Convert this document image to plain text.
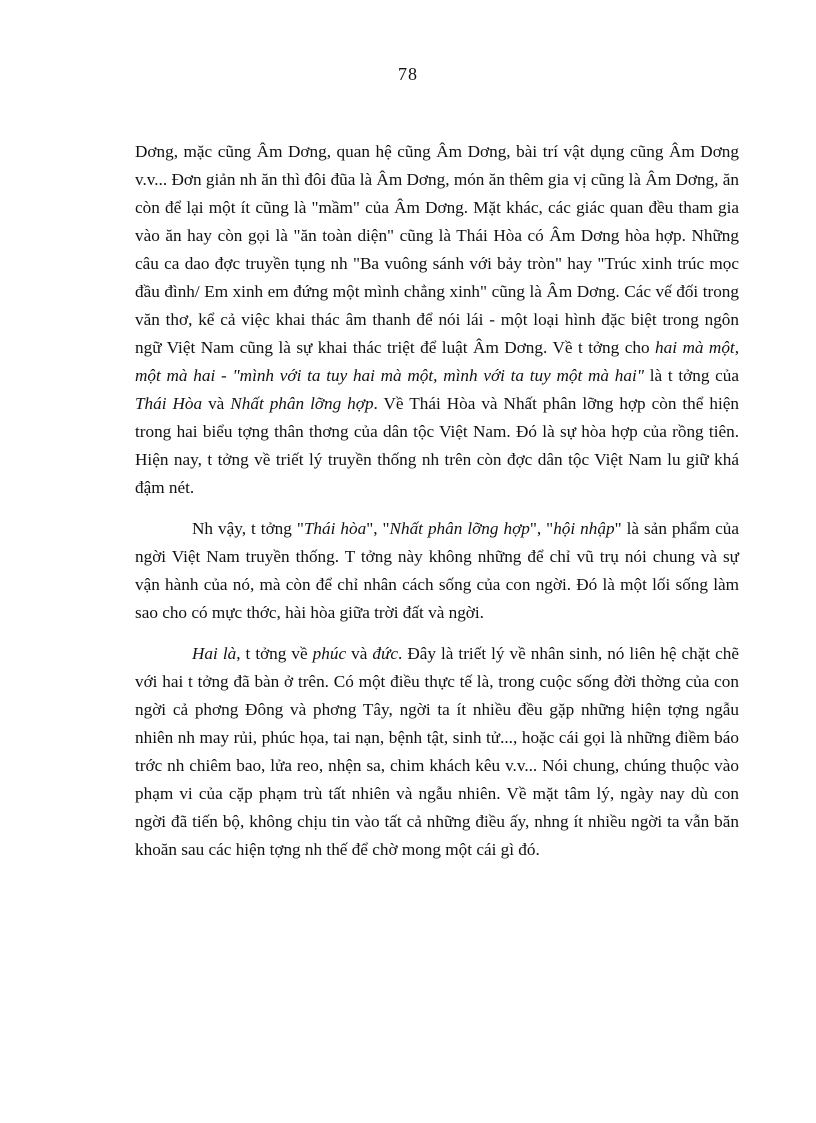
78

Dơng, mặc cũng Âm Dơng, quan hệ cũng Âm Dơng, bài trí vật dụng cũng Âm Dơng v.v... Đơn giản nh ăn thì đôi đũa là Âm Dơng, món ăn thêm gia vị cũng là Âm Dơng, ăn còn để lại một ít cũng là "mầm" của Âm Dơng. Mặt khác, các giác quan đều tham gia vào ăn hay còn gọi là "ăn toàn diện" cũng là Thái Hòa có Âm Dơng hòa hợp. Những câu ca dao đợc truyền tụng nh "Ba vuông sánh với bảy tròn" hay "Trúc xinh trúc mọc đầu đình/ Em xinh em đứng một mình chẳng xinh" cũng là Âm Dơng. Các vế đối trong văn thơ, kể cả việc khai thác âm thanh để nói lái - một loại hình đặc biệt trong ngôn ngữ Việt Nam cũng là sự khai thác triệt để luật Âm Dơng. Về t tởng cho hai mà một, một mà hai - "mình với ta tuy hai mà một, mình với ta tuy một mà hai" là t tởng của Thái Hòa và Nhất phân lỡng hợp. Về Thái Hòa và Nhất phân lỡng hợp còn thể hiện trong hai biểu tợng thân thơng của dân tộc Việt Nam. Đó là sự hòa hợp của rồng tiên. Hiện nay, t tởng về triết lý truyền thống nh trên còn đợc dân tộc Việt Nam lu giữ khá đậm nét.

Nh vậy, t tởng "Thái hòa", "Nhất phân lỡng hợp", "hội nhập" là sản phẩm của ngời Việt Nam truyền thống. T tởng này không những để chỉ vũ trụ nói chung và sự vận hành của nó, mà còn để chỉ nhân cách sống của con ngời. Đó là một lối sống làm sao cho có mực thớc, hài hòa giữa trời đất và ngời.

Hai là, t tởng về phúc và đức. Đây là triết lý về nhân sinh, nó liên hệ chặt chẽ với hai t tởng đã bàn ở trên. Có một điều thực tế là, trong cuộc sống đời thờng của con ngời cả phơng Đông và phơng Tây, ngời ta ít nhiều đều gặp những hiện tợng ngẫu nhiên nh may rủi, phúc họa, tai nạn, bệnh tật, sinh tử..., hoặc cái gọi là những điềm báo trớc nh chiêm bao, lửa reo, nhện sa, chim khách kêu v.v... Nói chung, chúng thuộc vào phạm vi của cặp phạm trù tất nhiên và ngẫu nhiên. Về mặt tâm lý, ngày nay dù con ngời đã tiến bộ, không chịu tin vào tất cả những điều ấy, nhng ít nhiều ngời ta vẫn băn khoăn sau các hiện tợng nh thế để chờ mong một cái gì đó.
